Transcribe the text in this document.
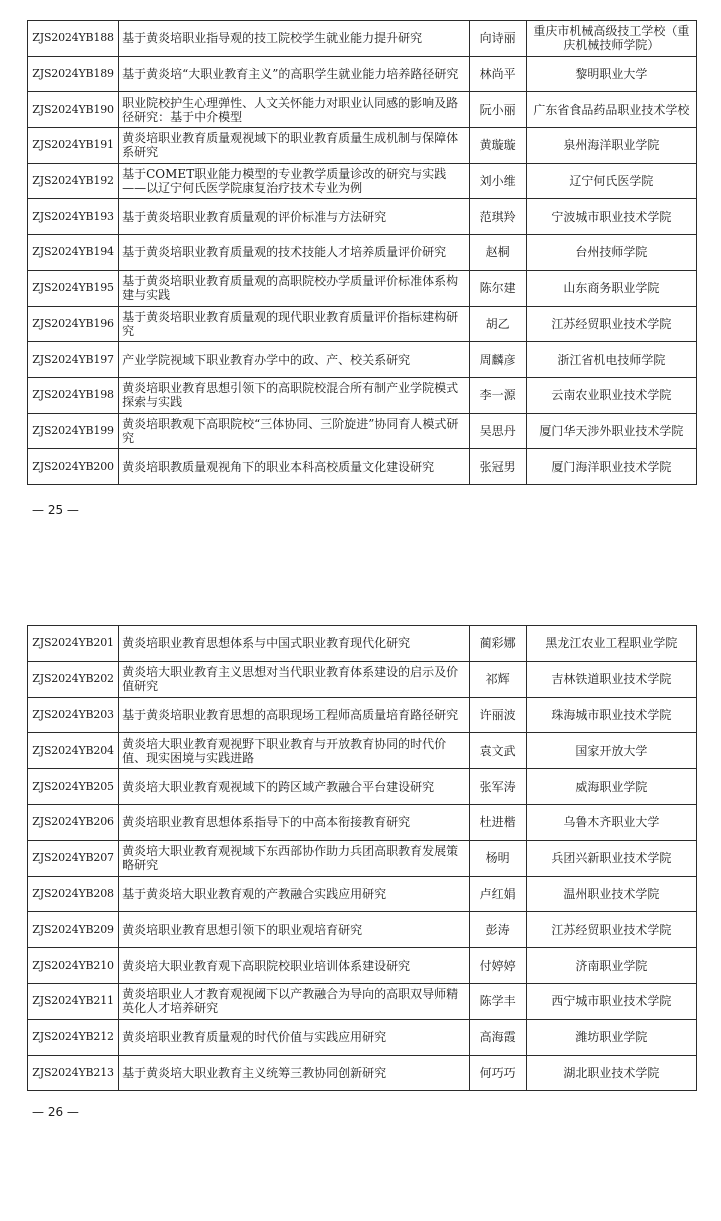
ZJS2024YB188	基于黄炎培职业指导观的技工院校学生就业能力提升研究	向诗丽	重庆市机械高级技工学校（重庆机械技师学院）
ZJS2024YB189	基于黄炎培“大职业教育主义”的高职学生就业能力培养路径研究	林尚平	黎明职业大学
ZJS2024YB190	职业院校护生心理弹性、人文关怀能力对职业认同感的影响及路径研究：基于中介模型	阮小丽	广东省食品药品职业技术学校
ZJS2024YB191	黄炎培职业教育质量观视域下的职业教育质量生成机制与保障体系研究	黄璇璇	泉州海洋职业学院
ZJS2024YB192	基于COMET职业能力模型的专业教学质量诊改的研究与实践——以辽宁何氏医学院康复治疗技术专业为例	刘小维	辽宁何氏医学院
ZJS2024YB193	基于黄炎培职业教育质量观的评价标准与方法研究	范琪羚	宁波城市职业技术学院
ZJS2024YB194	基于黄炎培职业教育质量观的技术技能人才培养质量评价研究	赵桐	台州技师学院
ZJS2024YB195	基于黄炎培职业教育质量观的高职院校办学质量评价标准体系构建与实践	陈尔建	山东商务职业学院
ZJS2024YB196	基于黄炎培职业教育质量观的现代职业教育质量评价指标建构研究	胡乙	江苏经贸职业技术学院
ZJS2024YB197	产业学院视域下职业教育办学中的政、产、校关系研究	周麟彦	浙江省机电技师学院
ZJS2024YB198	黄炎培职业教育思想引领下的高职院校混合所有制产业学院模式探索与实践	李一源	云南农业职业技术学院
ZJS2024YB199	黄炎培职教观下高职院校“三体协同、三阶旋进”协同育人模式研究	吴思丹	厦门华天涉外职业技术学院
ZJS2024YB200	黄炎培职教质量观视角下的职业本科高校质量文化建设研究	张冠男	厦门海洋职业技术学院
— 25 —
ZJS2024YB201	黄炎培职业教育思想体系与中国式职业教育现代化研究	蔺彩娜	黑龙江农业工程职业学院
ZJS2024YB202	黄炎培大职业教育主义思想对当代职业教育体系建设的启示及价值研究	祁辉	吉林铁道职业技术学院
ZJS2024YB203	基于黄炎培职业教育思想的高职现场工程师高质量培育路径研究	许丽波	珠海城市职业技术学院
ZJS2024YB204	黄炎培大职业教育观视野下职业教育与开放教育协同的时代价值、现实困境与实践进路	袁文武	国家开放大学
ZJS2024YB205	黄炎培大职业教育观视域下的跨区域产教融合平台建设研究	张军涛	威海职业学院
ZJS2024YB206	黄炎培职业教育思想体系指导下的中高本衔接教育研究	杜进楷	乌鲁木齐职业大学
ZJS2024YB207	黄炎培大职业教育观视域下东西部协作助力兵团高职教育发展策略研究	杨明	兵团兴新职业技术学院
ZJS2024YB208	基于黄炎培大职业教育观的产教融合实践应用研究	卢红娟	温州职业技术学院
ZJS2024YB209	黄炎培职业教育思想引领下的职业观培育研究	彭涛	江苏经贸职业技术学院
ZJS2024YB210	黄炎培大职业教育观下高职院校职业培训体系建设研究	付婷婷	济南职业学院
ZJS2024YB211	黄炎培职业人才教育观视阈下以产教融合为导向的高职双导师精英化人才培养研究	陈学丰	西宁城市职业技术学院
ZJS2024YB212	黄炎培职业教育质量观的时代价值与实践应用研究	高海霞	潍坊职业学院
ZJS2024YB213	基于黄炎培大职业教育主义统筹三教协同创新研究	何巧巧	湖北职业技术学院
— 26 —
